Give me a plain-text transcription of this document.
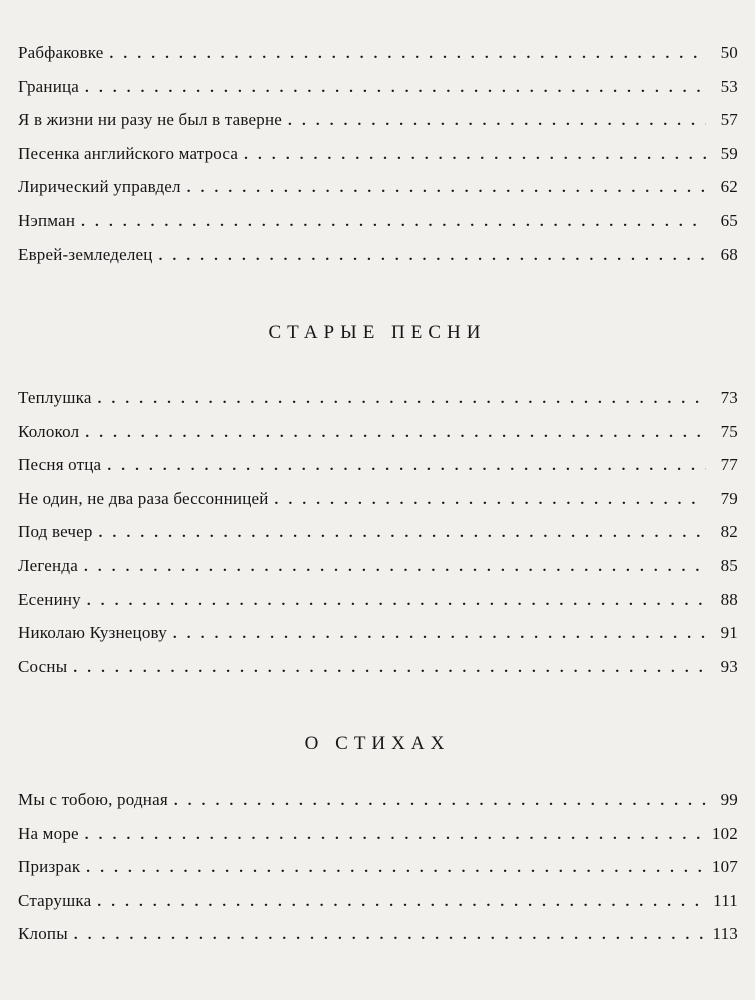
Рабфаковке . . .	50
Граница . . .	53
Я в жизни ни разу не был в таверне . . .	57
Песенка английского матроса . . .	59
Лирический управдел . . .	62
Нэпман . . .	65
Еврей-земледелец . . .	68
СТАРЫЕ ПЕСНИ
Теплушка . . .	73
Колокол . . .	75
Песня отца . . .	77
Не один, не два раза бессонницей . . .	79
Под вечер . . .	82
Легенда . . .	85
Есенину . . .	88
Николаю Кузнецову . . .	91
Сосны . . .	93
О СТИХАХ
Мы с тобою, родная . . .	99
На море . . .	102
Призрак . . .	107
Старушка . . .	111
Клопы . . .	113
